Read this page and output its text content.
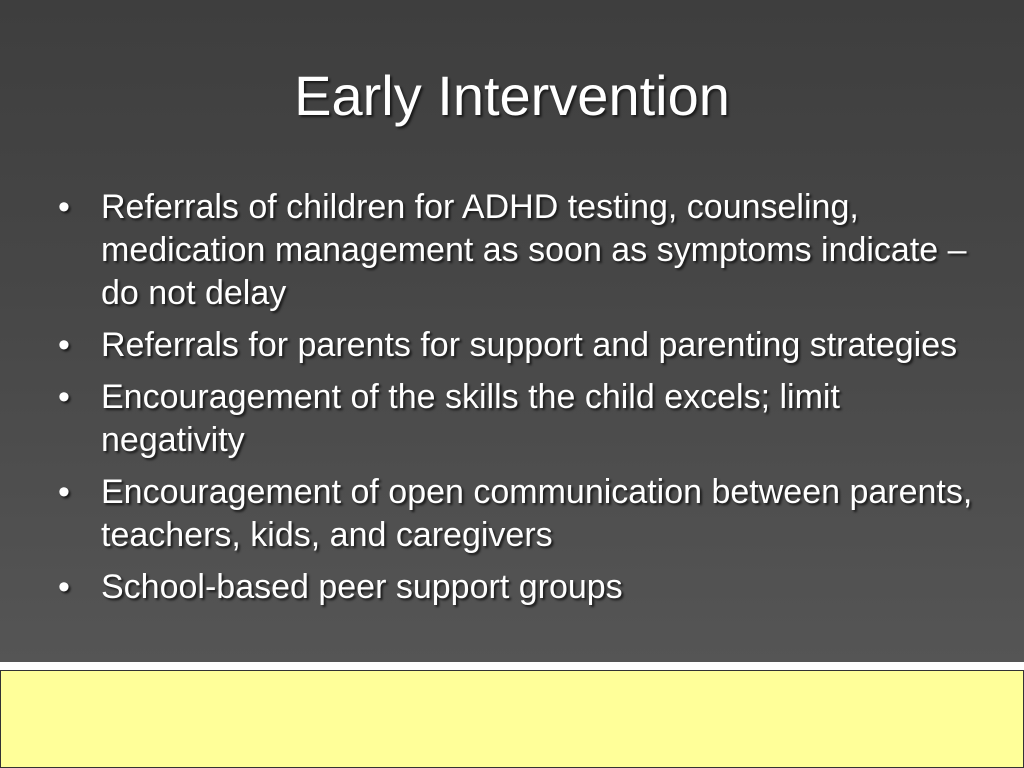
Early Intervention
• Referrals of children for ADHD testing, counseling, medication management as soon as symptoms indicate – do not delay
• Referrals for parents for support and parenting strategies
• Encouragement of the skills the child excels; limit negativity
• Encouragement of open communication between parents, teachers, kids, and caregivers
• School-based peer support groups
